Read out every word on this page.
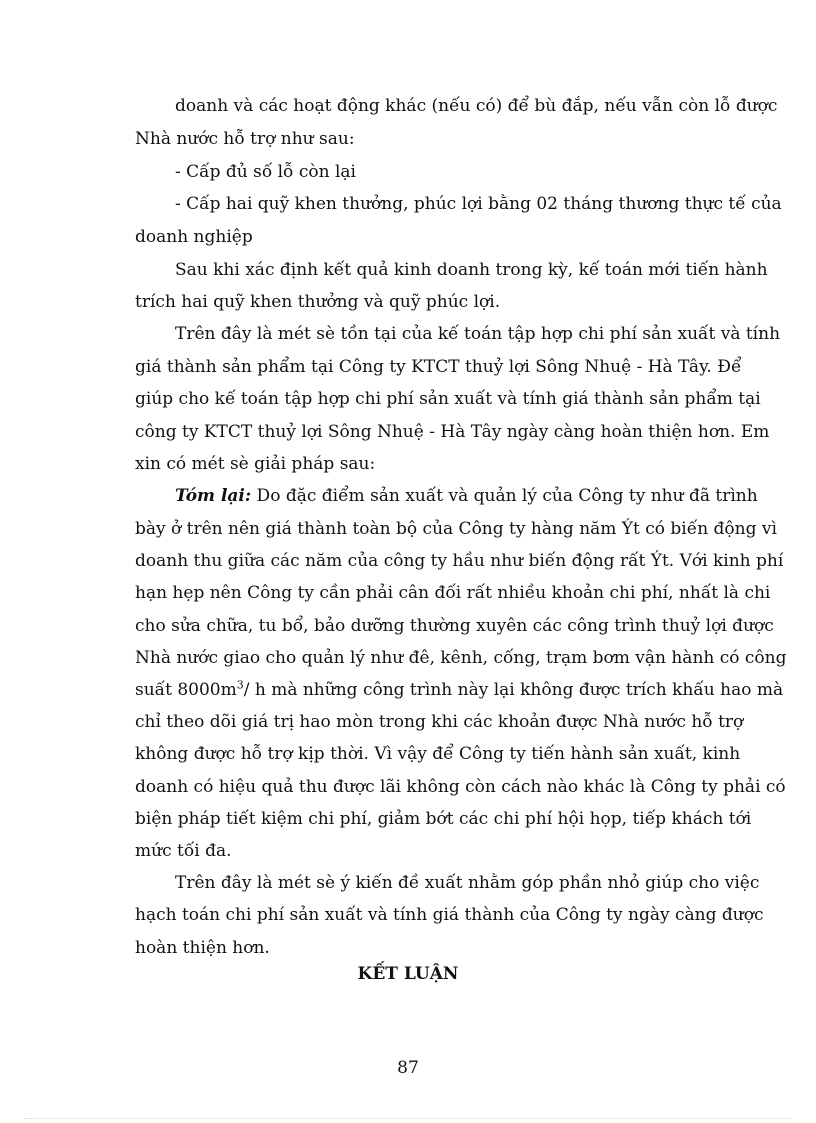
doanh và các hoạt động khác (nếu có) để bù đắp, nếu vẫn còn lỗ được
Nhà nước hỗ trợ như sau:
- Cấp đủ số lỗ còn lại
- Cấp hai quỹ khen thưởng, phúc lợi bằng 02 tháng thương thực tế của
doanh nghiệp
Sau khi xác định kết quả kinh doanh trong kỳ, kế toán mới tiến hành
trích hai quỹ khen thưởng và quỹ phúc lợi.
Trên đây là mét sè tồn tại của kế toán tập hợp chi phí sản xuất và tính
giá thành sản phẩm tại Công ty KTCT thuỷ lợi Sông Nhuệ - Hà Tây. Để
giúp cho kế toán tập hợp chi phí sản xuất và tính giá thành sản phẩm tại
công ty KTCT thuỷ lợi Sông Nhuệ - Hà Tây ngày càng hoàn thiện hơn. Em
xin có mét sè giải pháp sau:
Tóm lại: Do đặc điểm sản xuất và quản lý của Công ty như đã trình
bày ở trên nên giá thành toàn bộ của Công ty hàng năm Ýt có biến động vì
doanh thu giữa các năm của công ty hầu như biến động rất Ýt. Với kinh phí
hạn hẹp nên Công ty cần phải cân đối rất nhiều khoản chi phí, nhất là chi
cho sửa chữa, tu bổ, bảo dưỡng thường xuyên các công trình thuỷ lợi được
Nhà nước giao cho quản lý như đê, kênh, cống, trạm bơm vận hành có công
suất $8000m^3/$ h mà những công trình này lại không được trích khấu hao mà
chỉ theo dõi giá trị hao mòn trong khi các khoản được Nhà nước hỗ trợ
không được hỗ trợ kịp thời. Vì vậy để Công ty tiến hành sản xuất, kinh
doanh có hiệu quả thu được lãi không còn cách nào khác là Công ty phải có
biện pháp tiết kiệm chi phí, giảm bớt các chi phí hội họp, tiếp khách tới
mức tối đa.
Trên đây là mét sè ý kiến đề xuất nhằm góp phần nhỏ giúp cho việc
hạch toán chi phí sản xuất và tính giá thành của Công ty ngày càng được
hoàn thiện hơn.
KẾT LUẬN
87
